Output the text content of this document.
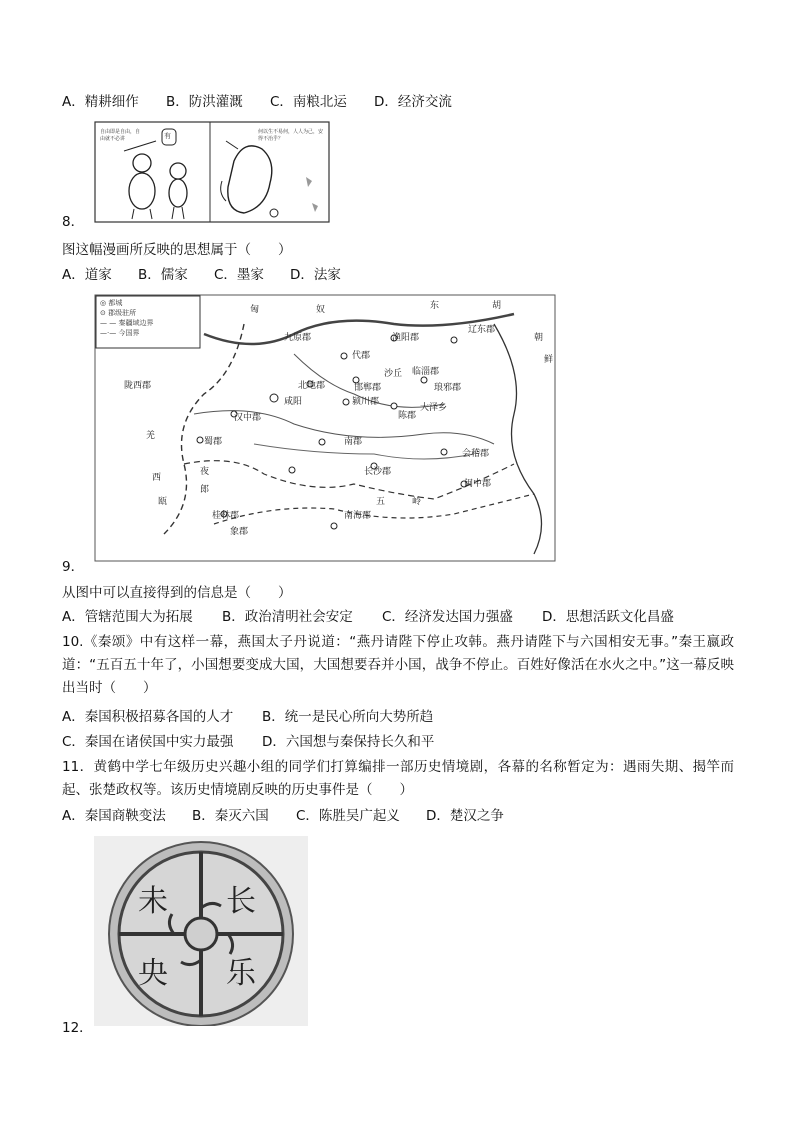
A．精耕细作 B．防洪灌溉 C．南粮北运 D．经济交流
自由即是自由，自由就不必讲	有	何以生不易何，人人为己，安得不治乎？
8．
图这幅漫画所反映的思想属于（　　）
A．道家 B．儒家 C．墨家 D．法家
◎ 都城
⊙ 郡级驻所
— — 秦疆域边界
—·— 今国界
匈	奴	东	胡
九原郡	渔阳郡
辽东郡
代郡
朝
鲜
北地郡
沙丘 临淄郡
陇西郡	邯郸郡	琅邪郡
咸阳	颍川郡
汉中郡	陈郡
大泽乡
羌
蜀郡	南郡
会稽郡
夜
郎
长沙郡
闽中郡
西
瓯
桂林郡
象郡
南海郡
五	岭
9．
从图中可以直接得到的信息是（　　）
A．管辖范围大为拓展 B．政治清明社会安定 C．经济发达国力强盛 D．思想活跃文化昌盛
10.《秦颂》中有这样一幕，燕国太子丹说道：“燕丹请陛下停止攻韩。燕丹请陛下与六国相安无事。”秦王嬴政道：“五百五十年了，小国想要变成大国，大国想要吞并小国，战争不停止。百姓好像活在水火之中。”这一幕反映出当时（　　）
A．秦国积极招募各国的人才 B．统一是民心所向大势所趋
C．秦国在诸侯国中实力最强 D．六国想与秦保持长久和平
11．黄鹤中学七年级历史兴趣小组的同学们打算编排一部历史情境剧，各幕的名称暂定为：遇雨失期、揭竿而起、张楚政权等。该历史情境剧反映的历史事件是（　　）
A．秦国商鞅变法 B．秦灭六国 C．陈胜吴广起义 D．楚汉之争
长
乐
未
央
12．
